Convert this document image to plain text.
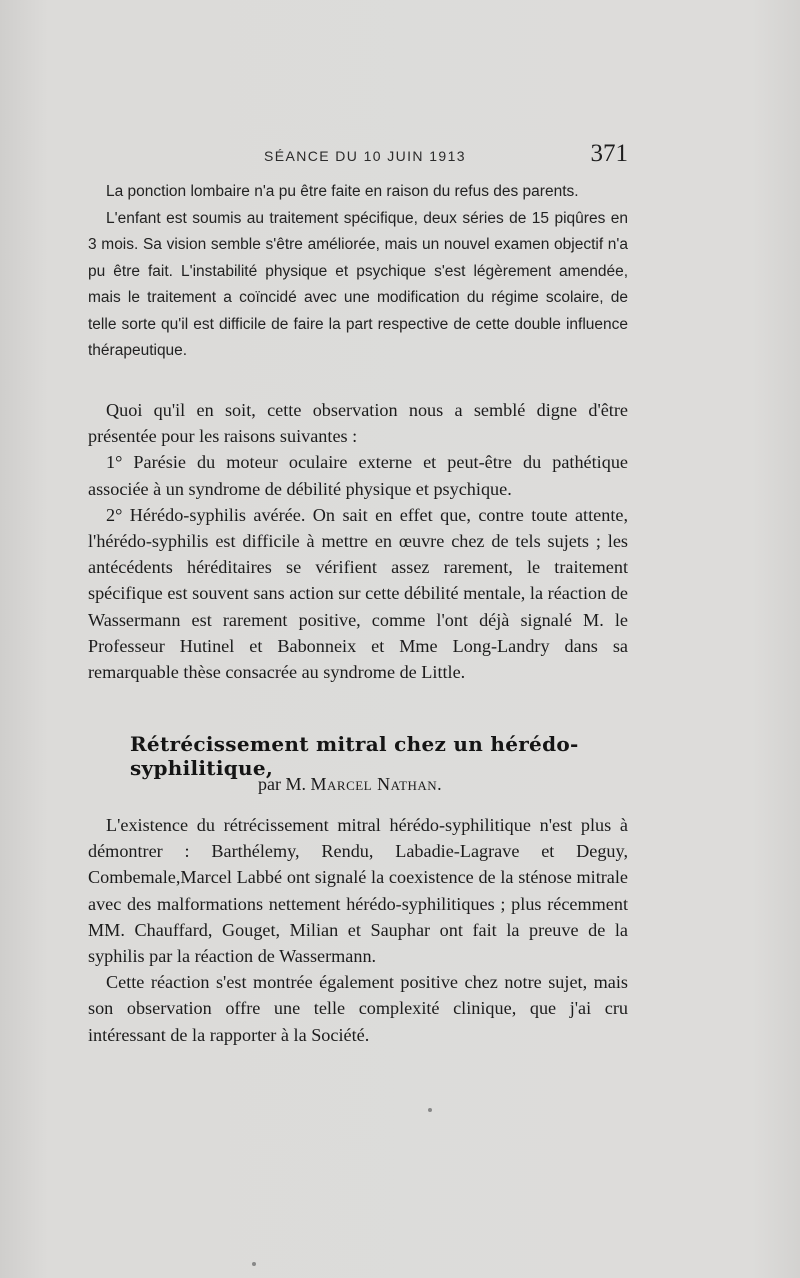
SÉANCE DU 10 JUIN 1913	371

La ponction lombaire n'a pu être faite en raison du refus des parents.

L'enfant est soumis au traitement spécifique, deux séries de 15 piqûres en 3 mois. Sa vision semble s'être améliorée, mais un nouvel examen objectif n'a pu être fait. L'instabilité physique et psychique s'est légèrement amendée, mais le traitement a coïncidé avec une modification du régime scolaire, de telle sorte qu'il est difficile de faire la part respective de cette double influence thérapeutique.

Quoi qu'il en soit, cette observation nous a semblé digne d'être présentée pour les raisons suivantes :

1° Parésie du moteur oculaire externe et peut-être du pathétique associée à un syndrome de débilité physique et psychique.

2° Hérédo-syphilis avérée. On sait en effet que, contre toute attente, l'hérédo-syphilis est difficile à mettre en œuvre chez de tels sujets ; les antécédents héréditaires se vérifient assez rarement, le traitement spécifique est souvent sans action sur cette débilité mentale, la réaction de Wassermann est rarement positive, comme l'ont déjà signalé M. le Professeur Hutinel et Babonneix et Mme Long-Landry dans sa remarquable thèse consacrée au syndrome de Little.

Rétrécissement mitral chez un hérédo-syphilitique,
par M. Marcel Nathan.

L'existence du rétrécissement mitral hérédo-syphilitique n'est plus à démontrer : Barthélemy, Rendu, Labadie-Lagrave et Deguy, Combemale,Marcel Labbé ont signalé la coexistence de la sténose mitrale avec des malformations nettement hérédo-syphilitiques ; plus récemment MM. Chauffard, Gouget, Milian et Sauphar ont fait la preuve de la syphilis par la réaction de Wassermann.

Cette réaction s'est montrée également positive chez notre sujet, mais son observation offre une telle complexité clinique, que j'ai cru intéressant de la rapporter à la Société.
